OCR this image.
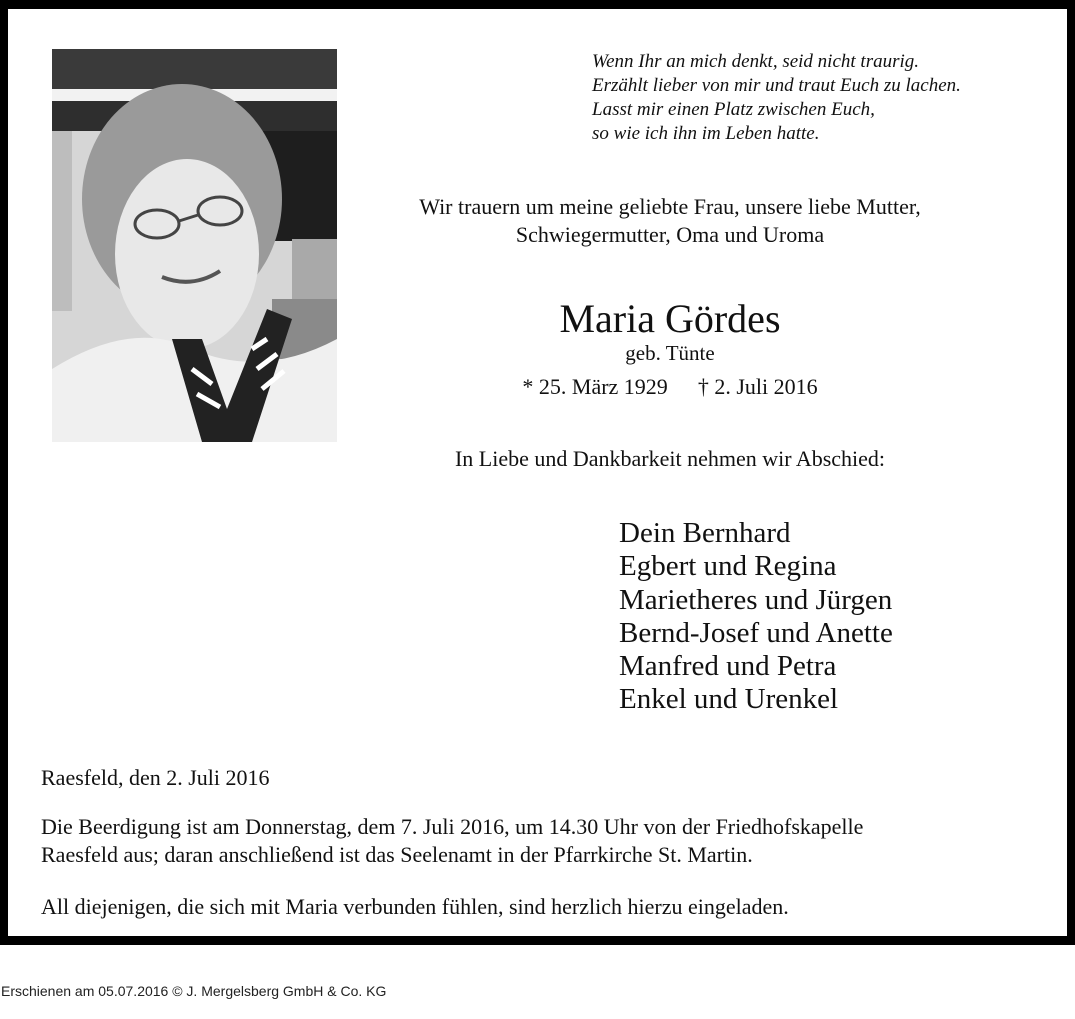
Wenn Ihr an mich denkt, seid nicht traurig.
Erzählt lieber von mir und traut Euch zu lachen.
Lasst mir einen Platz zwischen Euch,
so wie ich ihn im Leben hatte.
Wir trauern um meine geliebte Frau, unsere liebe Mutter,
Schwiegermutter, Oma und Uroma
Maria Gördes
geb. Tünte
* 25. März 1929 † 2. Juli 2016
In Liebe und Dankbarkeit nehmen wir Abschied:
Dein Bernhard
Egbert und Regina
Marietheres und Jürgen
Bernd-Josef und Anette
Manfred und Petra
Enkel und Urenkel
Raesfeld, den 2. Juli 2016
Die Beerdigung ist am Donnerstag, dem 7. Juli 2016, um 14.30 Uhr von der Friedhofskapelle
Raesfeld aus; daran anschließend ist das Seelenamt in der Pfarrkirche St. Martin.
All diejenigen, die sich mit Maria verbunden fühlen, sind herzlich hierzu eingeladen.
Erschienen am 05.07.2016 © J. Mergelsberg GmbH & Co. KG
